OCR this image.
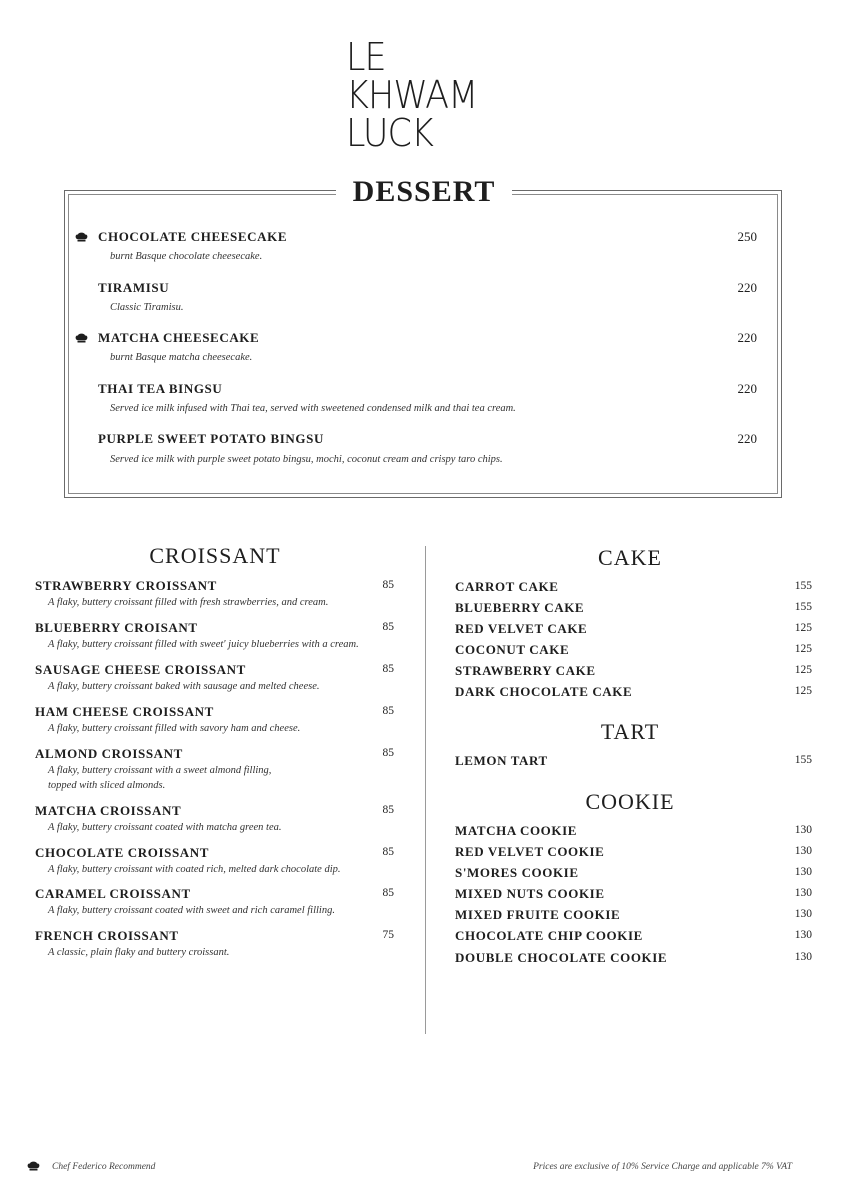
LE
KHWAM
LUCK
DESSERT
CHOCOLATE CHEESECAKE
burnt Basque chocolate cheesecake.
250
TIRAMISU
Classic Tiramisu.
220
MATCHA CHEESECAKE
burnt Basque matcha cheesecake.
220
THAI TEA BINGSU
Served ice milk infused with Thai tea, served with sweetened condensed milk and thai tea cream.
220
PURPLE SWEET POTATO BINGSU
Served ice milk with purple sweet potato bingsu, mochi, coconut cream and crispy taro chips.
220
CROISSANT
STRAWBERRY CROISSANT
A flaky, buttery croissant filled with fresh strawberries, and cream.
85
BLUEBERRY CROISANT
A flaky, buttery croissant filled with sweet' juicy blueberries with a cream.
85
SAUSAGE CHEESE CROISSANT
A flaky, buttery croissant baked with sausage and melted cheese.
85
HAM CHEESE CROISSANT
A flaky, buttery croissant filled with savory ham and cheese.
85
ALMOND CROISSANT
A flaky, buttery croissant with a sweet almond filling,
topped with sliced almonds.
85
MATCHA CROISSANT
A flaky, buttery croissant coated with matcha green tea.
85
CHOCOLATE CROISSANT
A flaky, buttery croissant with coated rich, melted dark chocolate dip.
85
CARAMEL CROISSANT
A flaky, buttery croissant coated with sweet and rich caramel filling.
85
FRENCH CROISSANT
A classic, plain flaky and buttery croissant.
75
CAKE
CARROT CAKE	155
BLUEBERRY CAKE	155
RED VELVET CAKE	125
COCONUT CAKE	125
STRAWBERRY CAKE	125
DARK CHOCOLATE CAKE	125
TART
LEMON TART	155
COOKIE
MATCHA COOKIE	130
RED VELVET COOKIE	130
S'MORES COOKIE	130
MIXED NUTS COOKIE	130
MIXED FRUITE COOKIE	130
CHOCOLATE CHIP COOKIE	130
DOUBLE CHOCOLATE COOKIE	130
Chef Federico Recommend	Prices are exclusive of 10% Service Charge and applicable 7% VAT
